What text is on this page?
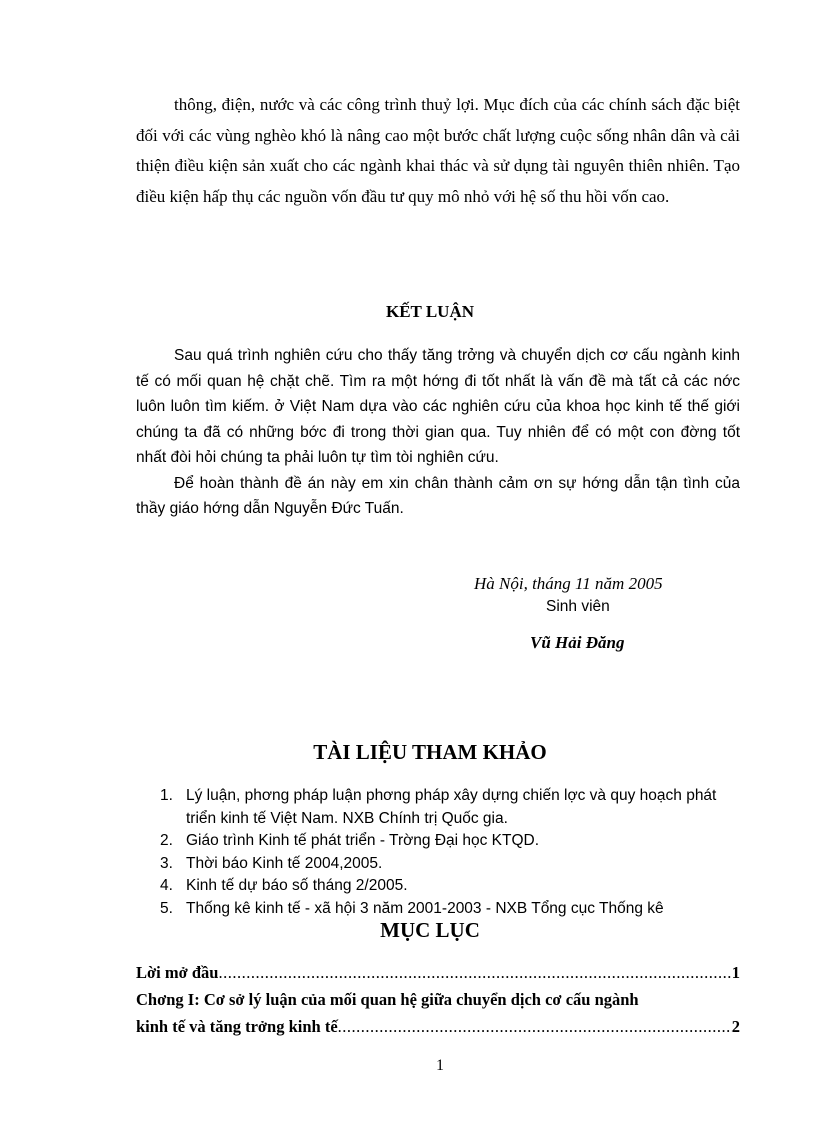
thông, điện, nước và các công trình thuỷ lợi. Mục đích của các chính sách đặc biệt đối với các vùng nghèo khó là nâng cao một bước chất lượng cuộc sống nhân dân và cải thiện điều kiện sản xuất cho các ngành khai thác và sử dụng tài nguyên thiên nhiên. Tạo điều kiện hấp thụ các nguồn vốn đầu tư quy mô nhỏ với hệ số thu hồi vốn cao.

KẾT LUẬN

Sau quá trình nghiên cứu cho thấy tăng trởng và chuyển dịch cơ cấu ngành kinh tế có mối quan hệ chặt chẽ. Tìm ra một hớng đi tốt nhất là vấn đề mà tất cả các nớc luôn luôn tìm kiếm. ở Việt Nam dựa vào các nghiên cứu của khoa học kinh tế thế giới chúng ta đã có những bớc đi trong thời gian qua. Tuy nhiên để có một con đờng tốt nhất đòi hỏi chúng ta phải luôn tự tìm tòi nghiên cứu.

Để hoàn thành đề án này em xin chân thành cảm ơn sự hớng dẫn tận tình của thầy giáo hớng dẫn Nguyễn Đức Tuấn.

Hà Nội, tháng 11 năm 2005

Sinh viên

Vũ Hải Đăng

TÀI LIỆU THAM KHẢO
1. Lý luận, phơng pháp luận phơng pháp xây dựng chiến lợc và quy hoạch phát triển kinh tế Việt Nam. NXB Chính trị Quốc gia.
2. Giáo trình Kinh tế phát triển - Trờng Đại học KTQD.
3. Thời báo Kinh tế 2004,2005.
4. Kinh tế dự báo số tháng 2/2005.
5. Thống kê kinh tế - xã hội 3 năm 2001-2003 - NXB Tổng cục Thống kê
MỤC LỤC
Lời mở đầu .....	1
Chơng I: Cơ sở lý luận của mối quan hệ giữa chuyển dịch cơ cấu ngành
kinh tế và tăng trởng kinh tế .....	2

1
